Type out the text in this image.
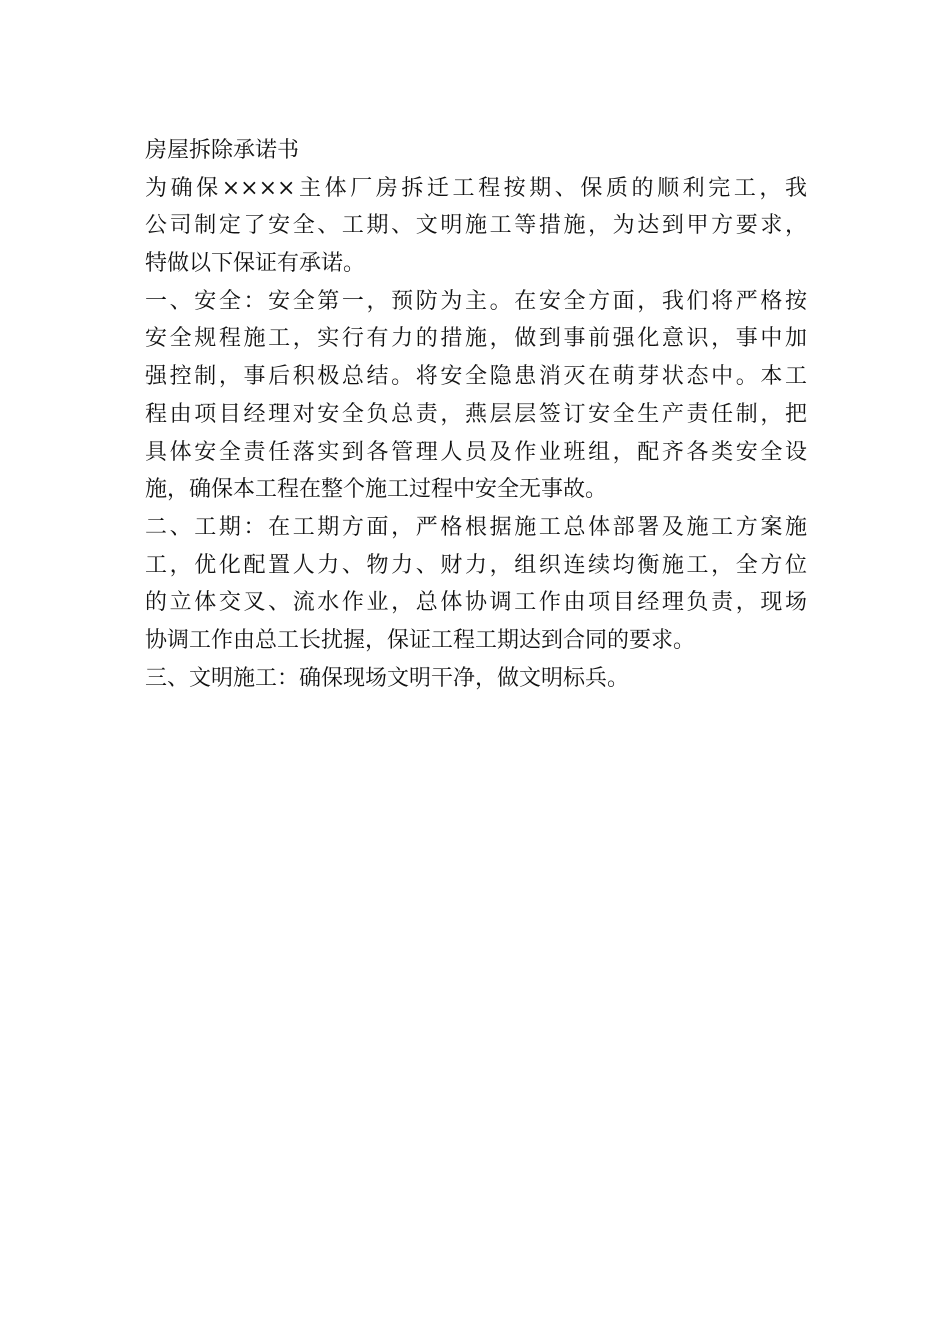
房屋拆除承诺书
为确保××××主体厂房拆迁工程按期、保质的顺利完工，我
公司制定了安全、工期、文明施工等措施，为达到甲方要求，
特做以下保证有承诺。
一、安全：安全第一，预防为主。在安全方面，我们将严格按
安全规程施工，实行有力的措施，做到事前强化意识，事中加
强控制，事后积极总结。将安全隐患消灭在萌芽状态中。本工
程由项目经理对安全负总责，燕层层签订安全生产责任制，把
具体安全责任落实到各管理人员及作业班组，配齐各类安全设
施，确保本工程在整个施工过程中安全无事故。
二、工期：在工期方面，严格根据施工总体部署及施工方案施
工，优化配置人力、物力、财力，组织连续均衡施工，全方位
的立体交叉、流水作业，总体协调工作由项目经理负责，现场
协调工作由总工长扰握，保证工程工期达到合同的要求。
三、文明施工：确保现场文明干净，做文明标兵。
